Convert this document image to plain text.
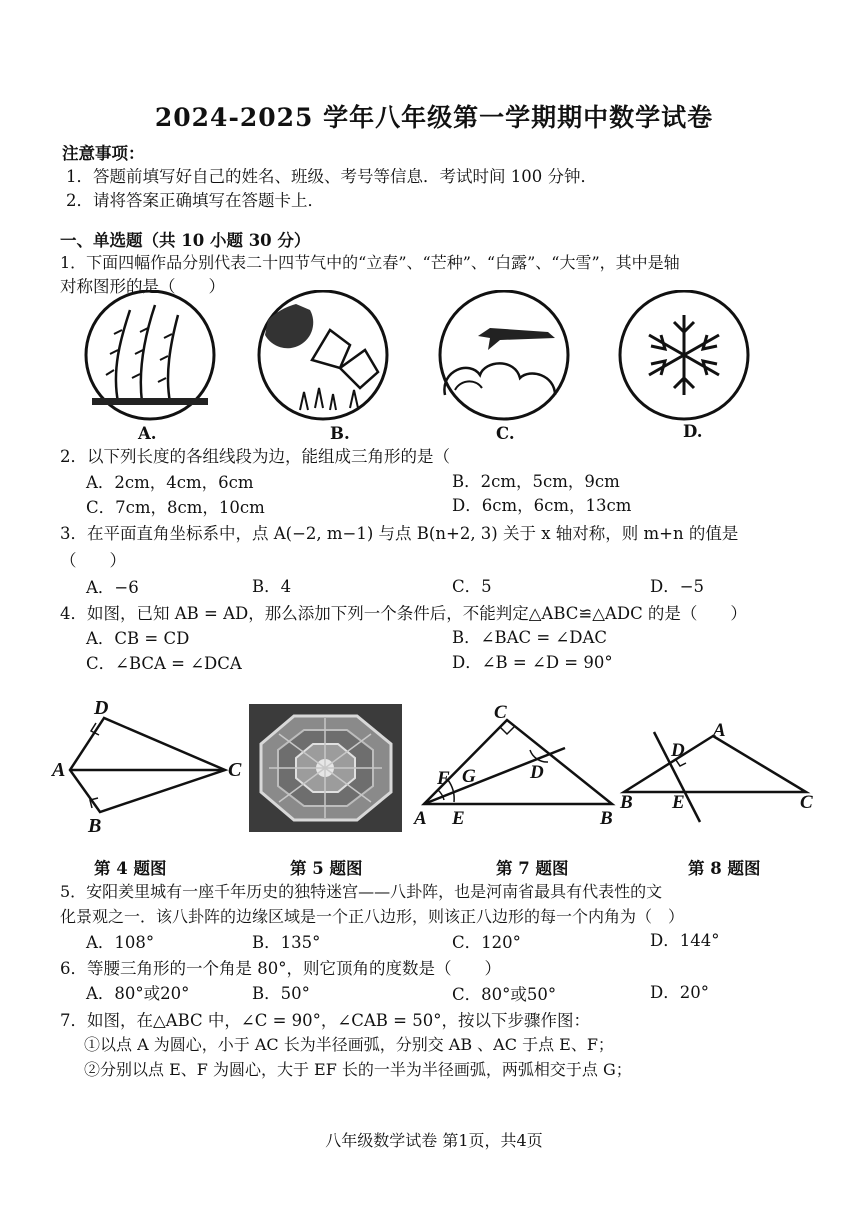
2024-2025 学年八年级第一学期期中数学试卷
注意事项：
1．答题前填写好自己的姓名、班级、考号等信息．考试时间 100 分钟．
2．请将答案正确填写在答题卡上．
一、单选题（共 10 小题 30 分）
1．下面四幅作品分别代表二十四节气中的“立春”、“芒种”、“白露”、“大雪”，其中是轴
对称图形的是（　　）
A.	B.	C.	D.
2．以下列长度的各组线段为边，能组成三角形的是（
A．2cm，4cm，6cm	B．2cm，5cm，9cm
C．7cm，8cm，10cm	D．6cm，6cm，13cm
3．在平面直角坐标系中，点 A(−2, m−1) 与点 B(n+2, 3) 关于 x 轴对称，则 m+n 的值是
（　　）
A．−6	B．4	C．5	D．−5
4．如图，已知 AB = AD，那么添加下列一个条件后，不能判定△ABC≌△ADC 的是（　　）
A．CB = CD	B．∠BAC = ∠DAC
C．∠BCA = ∠DCA	D．∠B = ∠D = 90°
D
A	C
B
C
F G	D
A E	B
D
A
B E	C
第 4 题图	第 5 题图	第 7 题图	第 8 题图
5．安阳羑里城有一座千年历史的独特迷宫——八卦阵，也是河南省最具有代表性的文
化景观之一．该八卦阵的边缘区域是一个正八边形，则该正八边形的每一个内角为（　）
A．108°	B．135°	C．120°	D．144°
6．等腰三角形的一个角是 80°，则它顶角的度数是（　　）
A．80°或20°	B．50°	C．80°或50°	D．20°
7．如图，在△ABC 中，∠C = 90°，∠CAB = 50°，按以下步骤作图：
①以点 A 为圆心，小于 AC 长为半径画弧，分别交 AB 、AC 于点 E、F；
②分别以点 E、F 为圆心，大于 EF 长的一半为半径画弧，两弧相交于点 G；
八年级数学试卷 第1页，共4页
